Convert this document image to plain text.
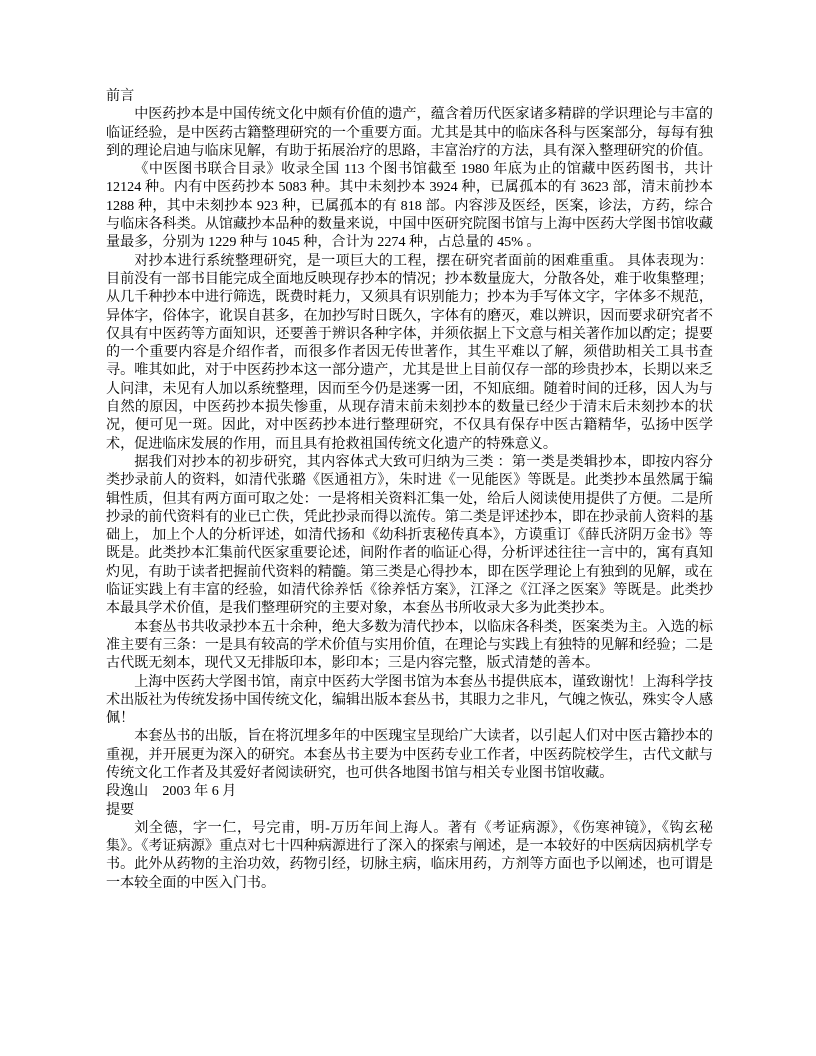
前言

中医药抄本是中国传统文化中颇有价值的遗产，蕴含着历代医家诸多精辟的学识理论与丰富的临证经验，是中医药古籍整理研究的一个重要方面。尤其是其中的临床各科与医案部分，每每有独到的理论启迪与临床见解，有助于拓展治疗的思路，丰富治疗的方法，具有深入整理研究的价值。

《中医图书联合目录》收录全国 113 个图书馆截至 1980 年底为止的馆藏中医药图书，共计 12124 种。内有中医药抄本 5083 种。其中未刻抄本 3924 种，已属孤本的有 3623 部，清末前抄本 1288 种，其中未刻抄本 923 种，已属孤本的有 818 部。内容涉及医经，医案，诊法，方药，综合与临床各科类。从馆藏抄本品种的数量来说，中国中医研究院图书馆与上海中医药大学图书馆收藏量最多，分别为 1229 种与 1045 种，合计为 2274 种，占总量的 45% 。

对抄本进行系统整理研究，是一项巨大的工程，摆在研究者面前的困难重重。 具体表现为：目前没有一部书目能完成全面地反映现存抄本的情况；抄本数量庞大，分散各处，难于收集整理；从几千种抄本中进行筛选，既费时耗力，又须具有识别能力；抄本为手写体文字，字体多不规范，异体字，俗体字，讹误自甚多，在加抄写时日既久，字体有的磨灭，难以辨识，因而要求研究者不仅具有中医药等方面知识，还要善于辨识各种字体，并须依据上下文意与相关著作加以酌定；提要的一个重要内容是介绍作者，而很多作者因无传世著作，其生平难以了解，须借助相关工具书查寻。唯其如此，对于中医药抄本这一部分遗产，尤其是世上目前仅存一部的珍贵抄本，长期以来乏人问津，未见有人加以系统整理，因而至今仍是迷雾一团，不知底细。随着时间的迁移，因人为与自然的原因，中医药抄本损失惨重，从现存清末前未刻抄本的数量已经少于清末后未刻抄本的状况，便可见一斑。因此，对中医药抄本进行整理研究，不仅具有保存中医古籍精华，弘扬中医学术，促进临床发展的作用，而且具有抢救祖国传统文化遗产的特殊意义。

据我们对抄本的初步研究，其内容体式大致可归纳为三类 ：第一类是类辑抄本，即按内容分类抄录前人的资料，如清代张璐《医通祖方》，朱时进《一见能医》等既是。此类抄本虽然属于编辑性质，但其有两方面可取之处：一是将相关资料汇集一处，给后人阅读使用提供了方便。二是所抄录的前代资料有的业已亡佚，凭此抄录而得以流传。第二类是评述抄本，即在抄录前人资料的基础上， 加上个人的分析评述，如清代扬和《幼科折衷秘传真本》，方谟重订《薛氏济阴万金书》等既是。此类抄本汇集前代医家重要论述，间附作者的临证心得，分析评述往往一言中的，寓有真知灼见，有助于读者把握前代资料的精髓。第三类是心得抄本，即在医学理论上有独到的见解，或在临证实践上有丰富的经验，如清代徐养恬《徐养恬方案》，江泽之《江泽之医案》等既是。此类抄本最具学术价值，是我们整理研究的主要对象，本套丛书所收录大多为此类抄本。

本套丛书共收录抄本五十余种，绝大多数为清代抄本，以临床各科类，医案类为主。入选的标准主要有三条：一是具有较高的学术价值与实用价值，在理论与实践上有独特的见解和经验；二是古代既无刻本，现代又无排版印本，影印本；三是内容完整，版式清楚的善本。

上海中医药大学图书馆，南京中医药大学图书馆为本套丛书提供底本，谨致谢忱！上海科学技术出版社为传统发扬中国传统文化，编辑出版本套丛书，其眼力之非凡，气魄之恢弘，殊实令人感佩！

本套丛书的出版，旨在将沉埋多年的中医瑰宝呈现给广大读者，以引起人们对中医古籍抄本的重视，并开展更为深入的研究。本套丛书主要为中医药专业工作者，中医药院校学生，古代文献与传统文化工作者及其爱好者阅读研究，也可供各地图书馆与相关专业图书馆收藏。

段逸山　2003 年 6 月

提要

刘全德，字一仁，号完甫，明-万历年间上海人。著有《考证病源》，《伤寒神镜》，《钩玄秘集》。《考证病源》重点对七十四种病源进行了深入的探索与阐述，是一本较好的中医病因病机学专书。此外从药物的主治功效，药物引经，切脉主病，临床用药，方剂等方面也予以阐述，也可谓是一本较全面的中医入门书。
